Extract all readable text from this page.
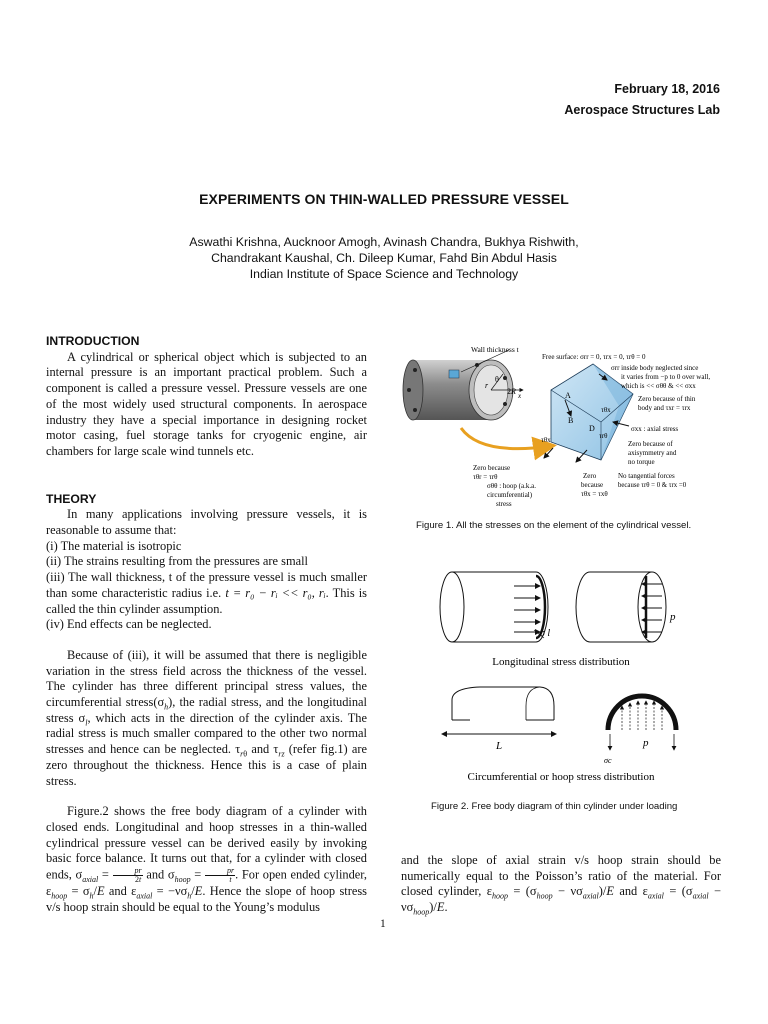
February 18, 2016
Aerospace Structures Lab
EXPERIMENTS ON THIN-WALLED PRESSURE VESSEL
Aswathi Krishna, Aucknoor Amogh, Avinash Chandra, Bukhya Rishwith,
Chandrakant Kaushal, Ch. Dileep Kumar, Fahd Bin Abdul Hasis
Indian Institute of Space Science and Technology

INTRODUCTION

A cylindrical or spherical object which is subjected to an internal pressure is an important practical problem. Such a component is called a pressure vessel. Pressure vessels are one of the most widely used structural components. In aerospace industry they have a special importance in designing rocket motor casing, fuel storage tanks for cryogenic engine, air chambers for large scale wind tunnels etc.

THEORY

In many applications involving pressure vessels, it is reasonable to assume that:

(i) The material is isotropic

(ii) The strains resulting from the pressures are small

(iii) The wall thickness, t of the pressure vessel is much smaller than some characteristic radius i.e. t = r₀ − rᵢ << r₀, rᵢ. This is called the thin cylinder assumption.

(iv) End effects can be neglected.

Because of (iii), it will be assumed that there is negligible variation in the stress field across the thickness of the vessel. The cylinder has three different principal stress values, the circumferential $stress(\sigma_h)$, the radial stress, and the longitudinal stress $\sigma_l$, which acts in the direction of the cylinder axis. The radial stress is much smaller compared to the other two normal stresses and hence can be neglected. $\tau_{r\theta}$ and $\tau_{rz}$ (refer fig.1) are zero throughout the thickness. Hence this is a case of plain stress.

Figure.2 shows the free body diagram of a cylinder with closed ends. Longitudinal and hoop stresses in a thin-walled cylindrical pressure vessel can be derived easily by invoking basic force balance. It turns out that, for a cylinder with closed ends, $\sigma_{axial} = \frac{pr}{2t}$ and $\sigma_{hoop} = \frac{pr}{t}$ . For open ended cylinder, $\varepsilon_{hoop} = \sigma_h/E$ and $\varepsilon_{axial} = -\nu\sigma_h/E$. Hence the slope of hoop stress v/s hoop strain should be equal to the Young’s modulus

and the slope of axial strain v/s hoop strain should be numerically equal to the Poisson’s ratio of the material. For closed cylinder, $\varepsilon_{hoop} = (\sigma_{hoop} - \nu\sigma_{axial})/E$ and $\varepsilon_{axial} = (\sigma_{axial} - \nu\sigma_{hoop})/E$.

r
θ
2R x
Wall thickness t
A
B
D
τθx
τrθ
τθx
Free surface: σrr = 0, τrx = 0, τrθ = 0
σrr inside body neglected since
it varies from −p to 0 over wall,
which is << σθθ & << σxx
Zero because of thin
body and τxr = τrx
σxx : axial stress
Zero because of
axisymmetry and
no torque
No tangential forces
because τrθ = 0 & τrx =0
Zero because
τθr = τrθ
σθθ : hoop (a.k.a.
circumferential)
stress
Zero
because
τθx = τxθ
Figure 1. All the stresses on the element of the cylindrical vessel.
σ l
p
Longitudinal stress distribution
L	p
σc
Circumferential or hoop stress distribution
Figure 2. Free body diagram of thin cylinder under loading
1
